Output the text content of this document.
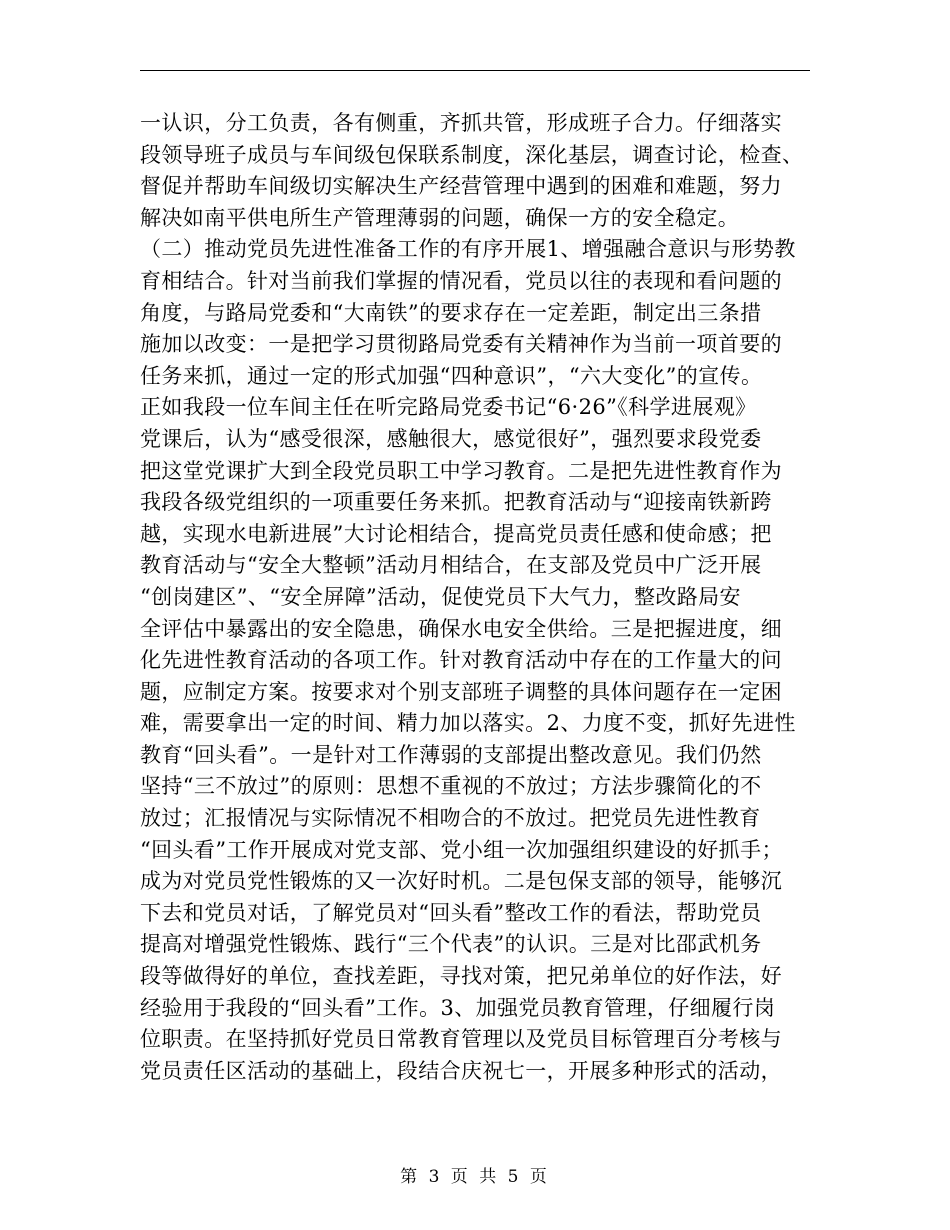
一认识，分工负责，各有侧重，齐抓共管，形成班子合力。仔细落实
段领导班子成员与车间级包保联系制度，深化基层，调查讨论，检查、
督促并帮助车间级切实解决生产经营管理中遇到的困难和难题，努力
解决如南平供电所生产管理薄弱的问题，确保一方的安全稳定。
（二）推动党员先进性准备工作的有序开展1、增强融合意识与形势教
育相结合。针对当前我们掌握的情况看，党员以往的表现和看问题的
角度，与路局党委和“大南铁”的要求存在一定差距，制定出三条措
施加以改变：一是把学习贯彻路局党委有关精神作为当前一项首要的
任务来抓，通过一定的形式加强“四种意识”，“六大变化”的宣传。
正如我段一位车间主任在听完路局党委书记“6·26”《科学进展观》
党课后，认为“感受很深，感触很大，感觉很好”，强烈要求段党委
把这堂党课扩大到全段党员职工中学习教育。二是把先进性教育作为
我段各级党组织的一项重要任务来抓。把教育活动与“迎接南铁新跨
越，实现水电新进展”大讨论相结合，提高党员责任感和使命感；把
教育活动与“安全大整顿”活动月相结合，在支部及党员中广泛开展
“创岗建区”、“安全屏障”活动，促使党员下大气力，整改路局安
全评估中暴露出的安全隐患，确保水电安全供给。三是把握进度，细
化先进性教育活动的各项工作。针对教育活动中存在的工作量大的问
题，应制定方案。按要求对个别支部班子调整的具体问题存在一定困
难，需要拿出一定的时间、精力加以落实。2、力度不变，抓好先进性
教育“回头看”。一是针对工作薄弱的支部提出整改意见。我们仍然
坚持“三不放过”的原则：思想不重视的不放过；方法步骤简化的不
放过；汇报情况与实际情况不相吻合的不放过。把党员先进性教育
“回头看”工作开展成对党支部、党小组一次加强组织建设的好抓手；
成为对党员党性锻炼的又一次好时机。二是包保支部的领导，能够沉
下去和党员对话，了解党员对“回头看”整改工作的看法，帮助党员
提高对增强党性锻炼、践行“三个代表”的认识。三是对比邵武机务
段等做得好的单位，查找差距，寻找对策，把兄弟单位的好作法，好
经验用于我段的“回头看”工作。3、加强党员教育管理，仔细履行岗
位职责。在坚持抓好党员日常教育管理以及党员目标管理百分考核与
党员责任区活动的基础上，段结合庆祝七一，开展多种形式的活动，
第 3 页 共 5 页
